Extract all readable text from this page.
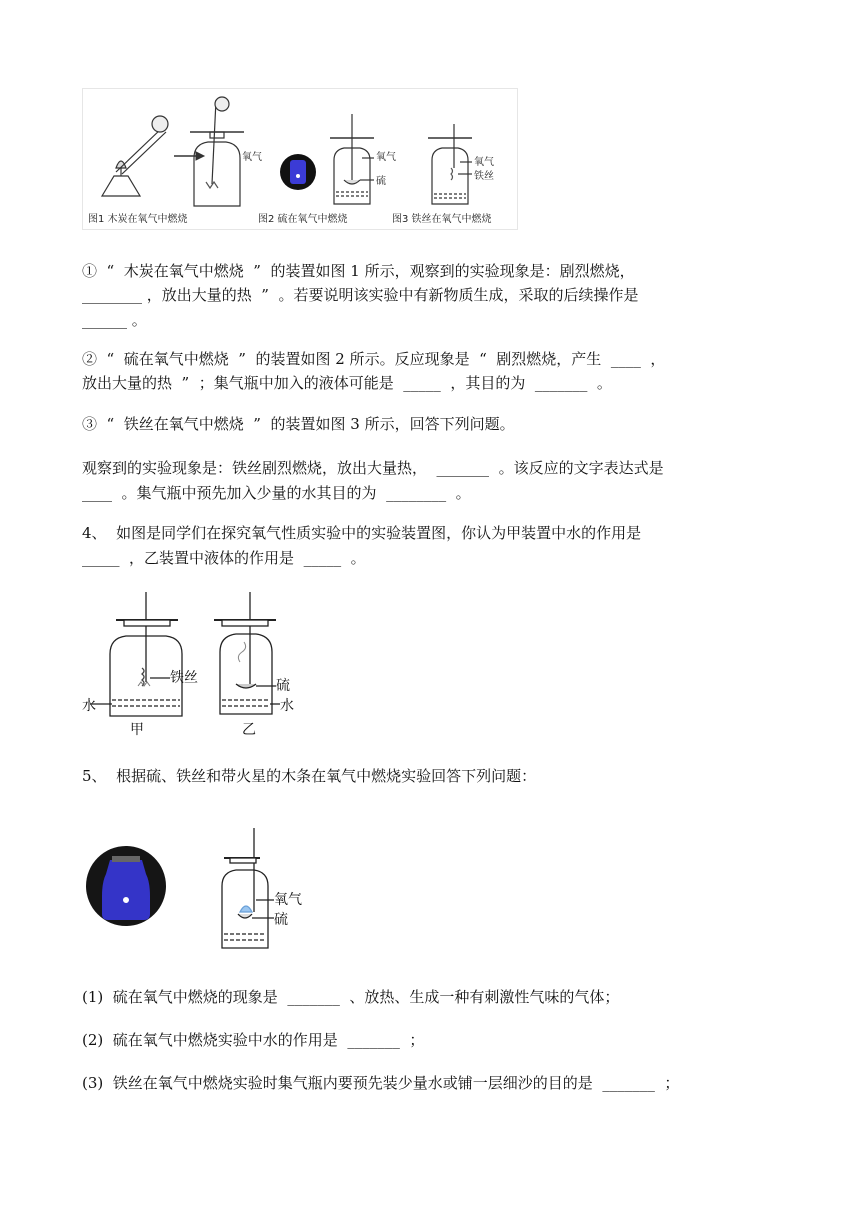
氧气	氧气
硫
氧气
铁丝
图1 木炭在氧气中燃烧	图2 硫在氧气中燃烧	图3 铁丝在氧气中燃烧
①  “  木炭在氧气中燃烧  ”  的装置如图 1 所示，观察到的实验现象是：剧烈燃烧，
________ ，放出大量的热  ”  。若要说明该实验中有新物质生成，采取的后续操作是
______ 。
②  “  硫在氧气中燃烧  ”  的装置如图 2 所示。反应现象是  “  剧烈燃烧，产生  ____  ，
放出大量的热  ”  ；集气瓶中加入的液体可能是  _____  ，其目的为  _______  。
③  “  铁丝在氧气中燃烧  ”  的装置如图 3 所示，回答下列问题。
观察到的实验现象是：铁丝剧烈燃烧，放出大量热，  _______  。该反应的文字表达式是
____  。集气瓶中预先加入少量的水其目的为  ________  。
4、  如图是同学们在探究氧气性质实验中的实验装置图，你认为甲装置中水的作用是
_____  ，乙装置中液体的作用是  _____  。
铁丝
水
甲
硫
水
乙
5、  根据硫、铁丝和带火星的木条在氧气中燃烧实验回答下列问题：
氧气
硫
(1)  硫在氧气中燃烧的现象是  _______  、放热、生成一种有刺激性气味的气体；
(2)  硫在氧气中燃烧实验中水的作用是  _______  ；
(3)  铁丝在氧气中燃烧实验时集气瓶内要预先装少量水或铺一层细沙的目的是  _______  ；
